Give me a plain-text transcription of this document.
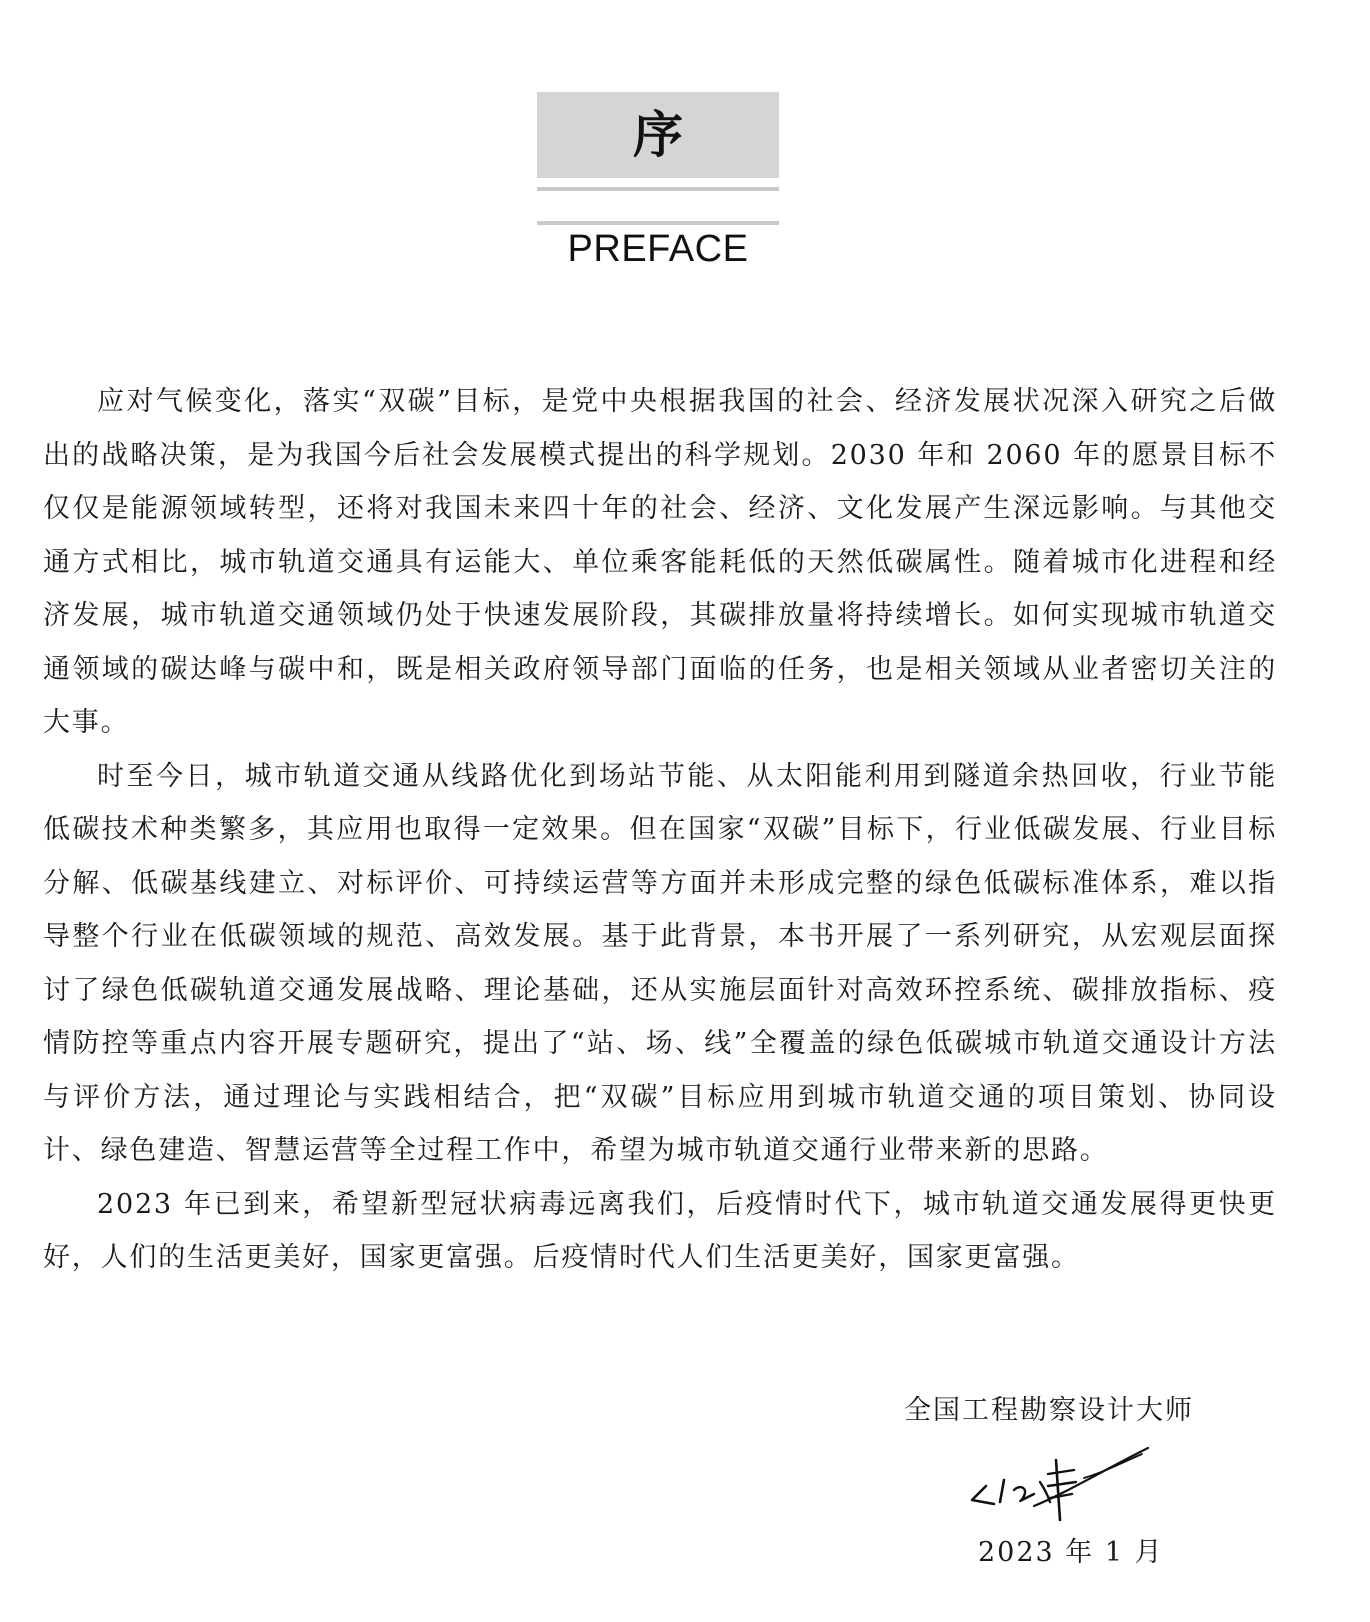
序
PREFACE

应对气候变化，落实“双碳”目标，是党中央根据我国的社会、经济发展状况深入研究之后做出的战略决策，是为我国今后社会发展模式提出的科学规划。2030 年和 2060 年的愿景目标不仅仅是能源领域转型，还将对我国未来四十年的社会、经济、文化发展产生深远影响。与其他交通方式相比，城市轨道交通具有运能大、单位乘客能耗低的天然低碳属性。随着城市化进程和经济发展，城市轨道交通领域仍处于快速发展阶段，其碳排放量将持续增长。如何实现城市轨道交通领域的碳达峰与碳中和，既是相关政府领导部门面临的任务，也是相关领域从业者密切关注的大事。

时至今日，城市轨道交通从线路优化到场站节能、从太阳能利用到隧道余热回收，行业节能低碳技术种类繁多，其应用也取得一定效果。但在国家“双碳”目标下，行业低碳发展、行业目标分解、低碳基线建立、对标评价、可持续运营等方面并未形成完整的绿色低碳标准体系，难以指导整个行业在低碳领域的规范、高效发展。基于此背景，本书开展了一系列研究，从宏观层面探讨了绿色低碳轨道交通发展战略、理论基础，还从实施层面针对高效环控系统、碳排放指标、疫情防控等重点内容开展专题研究，提出了“站、场、线”全覆盖的绿色低碳城市轨道交通设计方法与评价方法，通过理论与实践相结合，把“双碳”目标应用到城市轨道交通的项目策划、协同设计、绿色建造、智慧运营等全过程工作中，希望为城市轨道交通行业带来新的思路。

2023 年已到来，希望新型冠状病毒远离我们，后疫情时代下，城市轨道交通发展得更快更好，人们的生活更美好，国家更富强。后疫情时代人们生活更美好，国家更富强。

全国工程勘察设计大师
2023 年 1 月
